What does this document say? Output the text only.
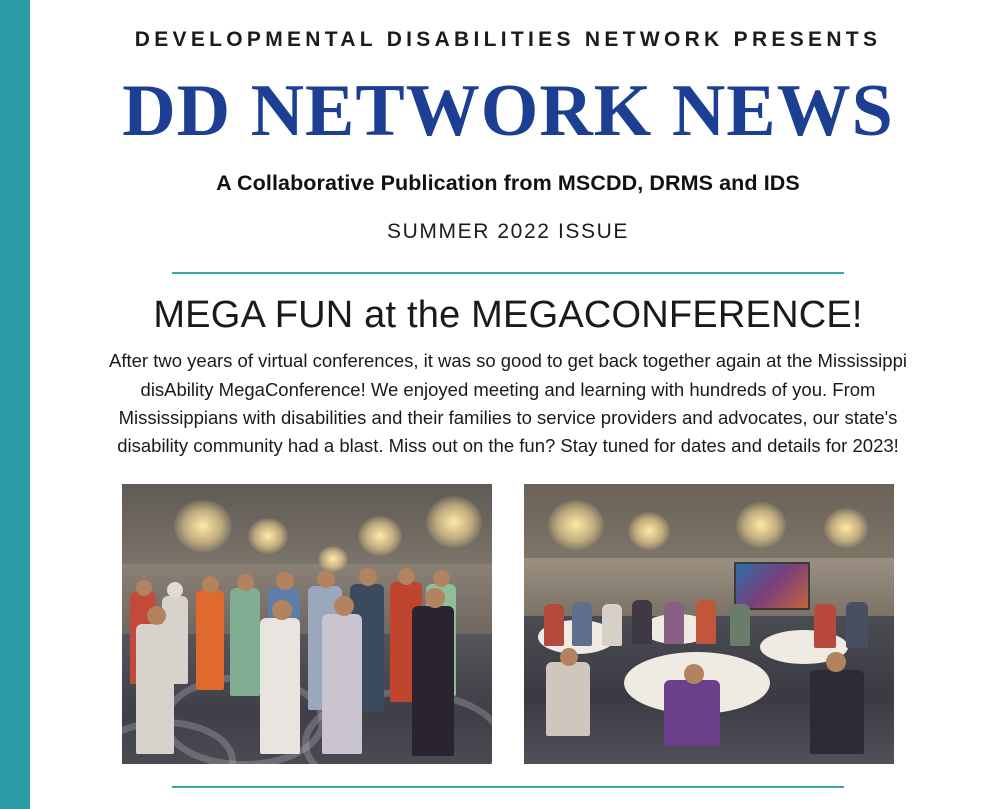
DEVELOPMENTAL DISABILITIES NETWORK PRESENTS
DD NETWORK NEWS
A Collaborative Publication from MSCDD, DRMS and IDS
SUMMER 2022 ISSUE
MEGA FUN at the MEGACONFERENCE!
After two years of virtual conferences, it was so good to get back together again at the Mississippi disAbility MegaConference! We enjoyed meeting and learning with hundreds of you. From Mississippians with disabilities and their families to service providers and advocates, our state's disability community had a blast. Miss out on the fun? Stay tuned for dates and details for 2023!
